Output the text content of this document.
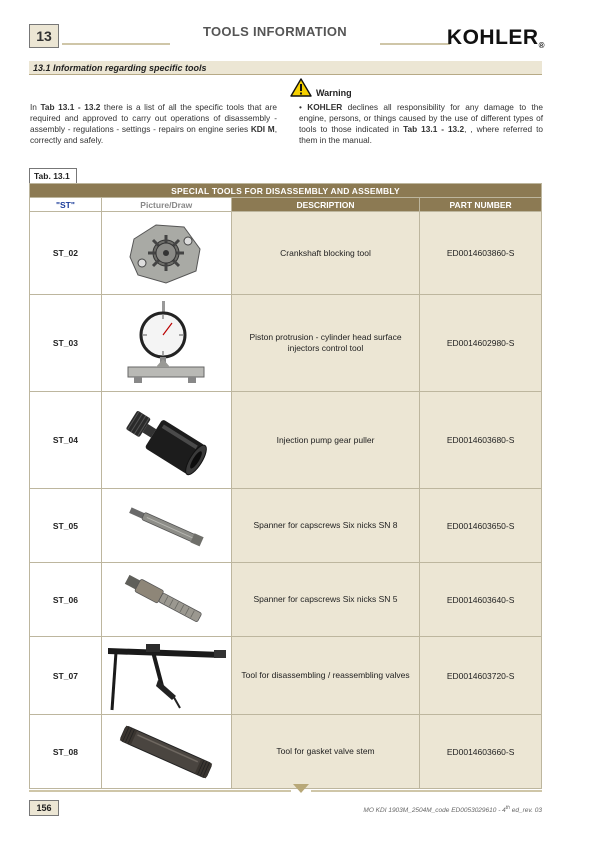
13	TOOLS INFORMATION	KOHLER®
13.1 Information regarding specific tools
In Tab 13.1 - 13.2 there is a list of all the specific tools that are required and approved to carry out operations of disassembly - assembly - regulations - settings - repairs on engine series KDI M, correctly and safely.
Warning
• KOHLER declines all responsibility for any damage to the engine, persons, or things caused by the use of different types of tools to those indicated in Tab 13.1 - 13.2, , where referred to them in the manual.
Tab. 13.1
SPECIAL TOOLS FOR DISASSEMBLY AND ASSEMBLY			
"ST"	Picture/Draw	DESCRIPTION	PART NUMBER
ST_02		Crankshaft blocking tool	ED0014603860-S
ST_03		Piston protrusion - cylinder head surface injectors control tool	ED0014602980-S
ST_04		Injection pump gear puller	ED0014603680-S
ST_05		Spanner for capscrews Six nicks SN 8	ED0014603650-S
ST_06		Spanner for capscrews Six nicks SN 5	ED0014603640-S
ST_07		Tool for disassembling / reassembling valves	ED0014603720-S
ST_08		Tool for gasket valve stem	ED0014603660-S
156	MO KDI 1903M_2504M_code ED0053029610 - 4th ed_rev. 03
